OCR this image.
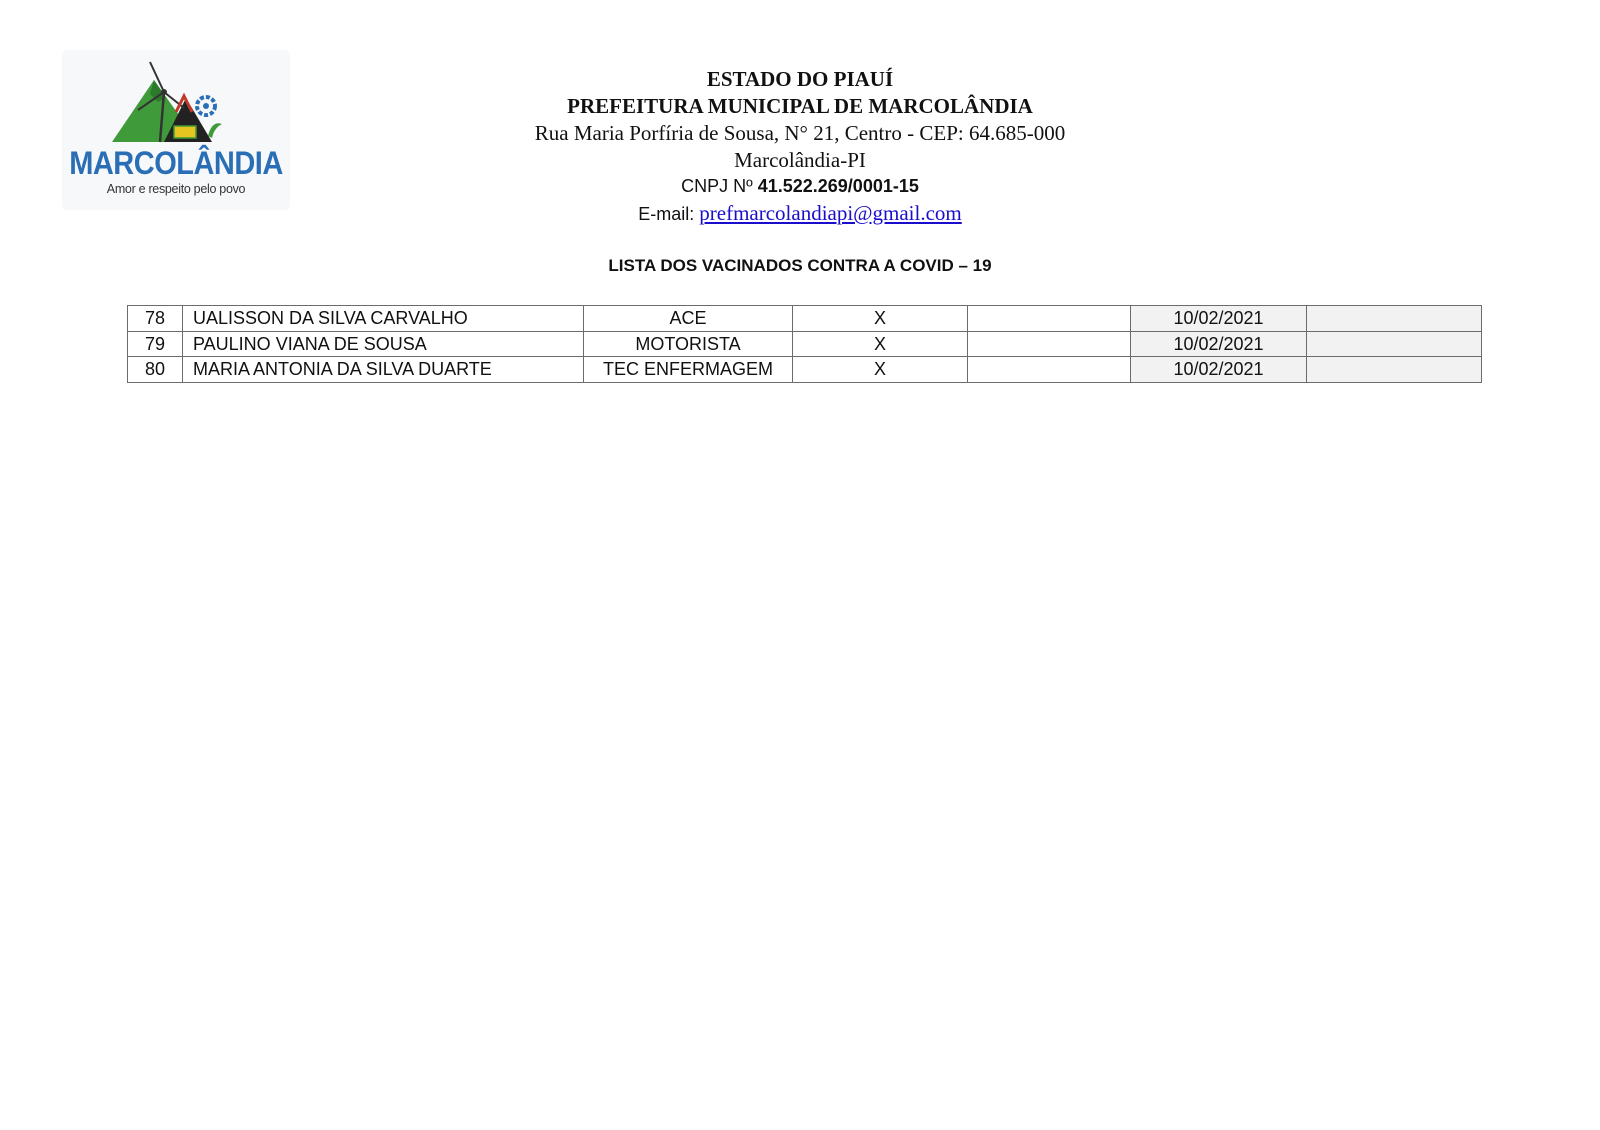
MARCOLÂNDIA
Amor e respeito pelo povo
ESTADO DO PIAUÍ
PREFEITURA MUNICIPAL DE MARCOLÂNDIA
Rua Maria Porfíria de Sousa, N° 21, Centro - CEP: 64.685-000
Marcolândia-PI
CNPJ Nº 41.522.269/0001-15
E-mail: prefmarcolandiapi@gmail.com
LISTA DOS VACINADOS CONTRA A COVID – 19
78	UALISSON DA SILVA CARVALHO	ACE	X		10/02/2021	
79	PAULINO VIANA DE SOUSA	MOTORISTA	X		10/02/2021	
80	MARIA ANTONIA DA SILVA DUARTE	TEC ENFERMAGEM	X		10/02/2021	
